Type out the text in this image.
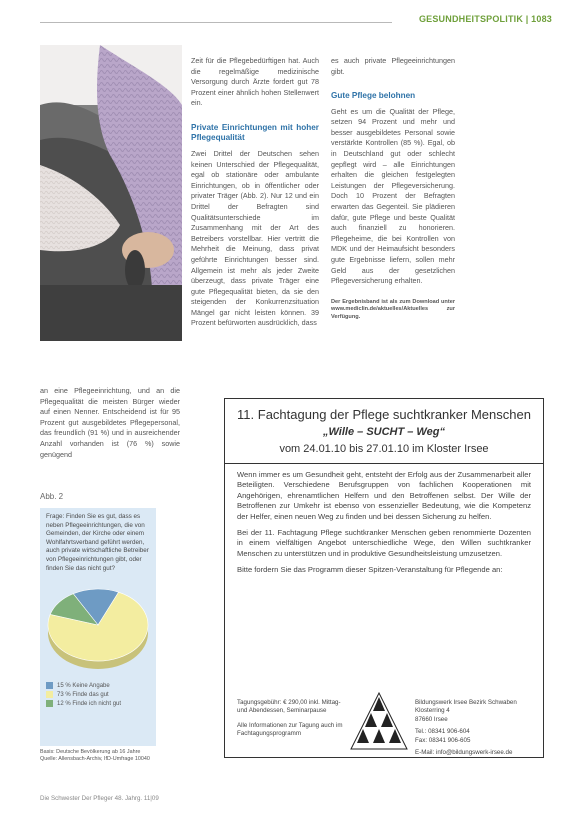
GESUNDHEITSPOLITIK | 1083

Zeit für die Pflegebedürftigen hat. Auch die regelmäßige medizinische Versorgung durch Ärzte fordert gut 78 Prozent einer ähnlich hohen Stellenwert ein.

Private Einrichtungen mit hoher Pflegequalität

Zwei Drittel der Deutschen sehen keinen Unterschied der Pflegequalität, egal ob stationäre oder ambulante Einrichtungen, ob in öffentlicher oder privater Träger (Abb. 2). Nur 12 und ein Drittel der Befragten sind Qualitätsunterschiede im Zusammenhang mit der Art des Betreibers vorstellbar. Hier vertritt die Mehrheit die Meinung, dass privat geführte Einrichtungen besser sind. Allgemein ist mehr als jeder Zweite überzeugt, dass private Träger eine gute Pflegequalität bieten, da sie den steigenden der Konkurrenzsituation Mängel gar nicht leisten können. 39 Prozent befürworten ausdrücklich, dass

es auch private Pflegeeinrichtungen gibt.

Gute Pflege belohnen

Geht es um die Qualität der Pflege, setzen 94 Prozent und mehr und besser ausgebildetes Personal sowie verstärkte Kontrollen (85 %). Egal, ob in Deutschland gut oder schlecht gepflegt wird – alle Einrichtungen erhalten die gleichen festgelegten Leistungen der Pflegeversicherung. Doch 10 Prozent der Befragten erwarten das Gegenteil. Sie plädieren dafür, gute Pflege und beste Qualität auch finanziell zu honorieren. Pflegeheime, die bei Kontrollen von MDK und der Heimaufsicht besonders gute Ergebnisse liefern, sollen mehr Geld aus der gesetzlichen Pflegeversicherung erhalten.

Der Ergebnisband ist als zum Download unter www.mediclin.de/aktuelles/Aktuelles zur Verfügung.

an eine Pflegeeinrichtung, und an die Pflegequalität die meisten Bürger wieder auf einen Nenner. Entscheidend ist für 95 Prozent gut ausgebildetes Pflegepersonal, das freundlich (91 %) und in ausreichender Anzahl vorhanden ist (76 %) sowie genügend

Abb. 2
Frage: Finden Sie es gut, dass es neben Pflegeeinrichtungen, die von Gemeinden, der Kirche oder einem Wohlfahrtsverband geführt werden, auch private wirtschaftliche Betreiber von Pflegeeinrichtungen gibt, oder finden Sie das nicht gut?
15 % Keine Angabe
73 % Finde das gut
12 % Finde ich nicht gut
Basis: Deutsche Bevölkerung ab 16 Jahre Quelle: Allensbach-Archiv, IfD-Umfrage 10040
11. Fachtagung der Pflege suchtkranker Menschen
„Wille – SUCHT – Weg“
vom 24.01.10 bis 27.01.10 im Kloster Irsee

Wenn immer es um Gesundheit geht, entsteht der Erfolg aus der Zusammenarbeit aller Beteiligten. Verschiedene Berufsgruppen von fachlichen Kooperationen mit Angehörigen, ehrenamtlichen Helfern und den Betroffenen selbst. Der Wille der Betroffenen zur Umkehr ist ebenso von essenzieller Bedeutung, wie die Kompetenz der Helfer, einen neuen Weg zu finden und bei dessen Sicherung zu helfen.

Bei der 11. Fachtagung Pflege suchtkranker Menschen geben renommierte Dozenten in einem vielfältigen Angebot unterschiedliche Wege, den Willen suchtkranker Menschen zu unterstützen und in produktive Gesundheitsleistung umzusetzen.

Bitte fordern Sie das Programm dieser Spitzen-Veranstaltung für Pflegende an:

Tagungsgebühr: € 290,00 inkl. Mittag- und Abendessen, Seminarpause
Alle Informationen zur Tagung auch im Fachtagungsprogramm
Bildungswerk Irsee Bezirk Schwaben Klosterring 4
87660 Irsee
Tel.: 08341 906-604
Fax: 08341 906-605
E-Mail: info@bildungswerk-irsee.de
Die Schwester Der Pfleger 48. Jahrg. 11|09
